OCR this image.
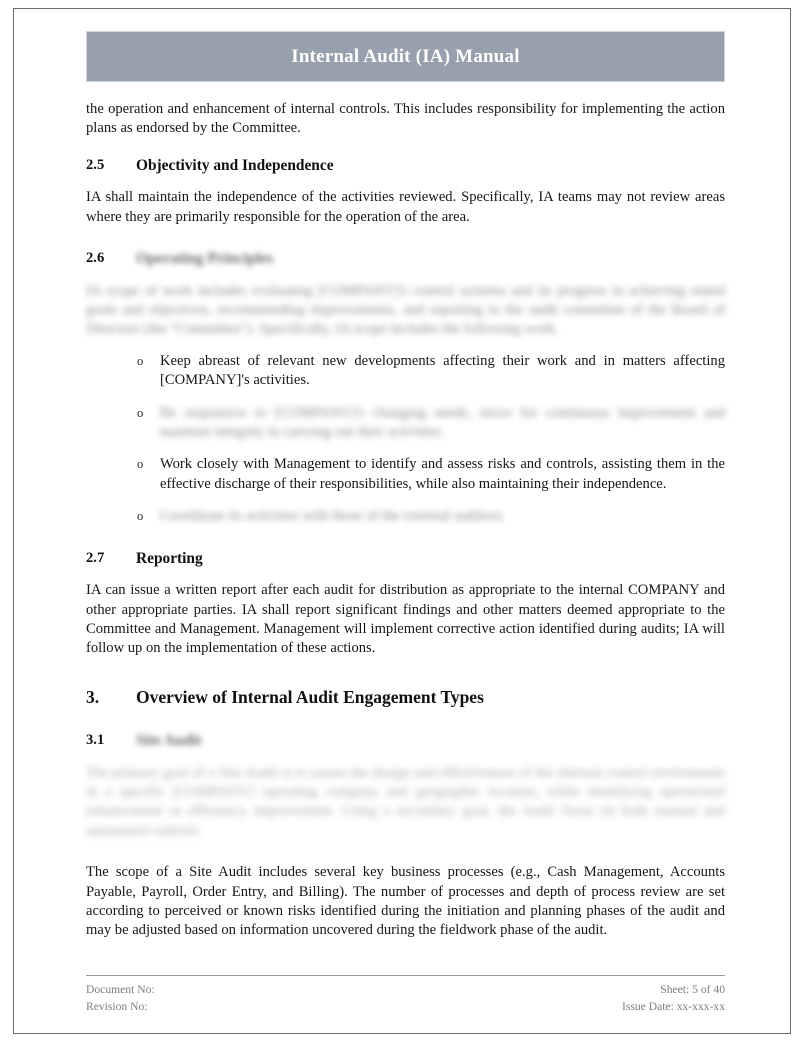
Internal Audit (IA) Manual

the operation and enhancement of internal controls. This includes responsibility for implementing the action plans as endorsed by the Committee.

2.5	Objectivity and Independence

IA shall maintain the independence of the activities reviewed. Specifically, IA teams may not review areas where they are primarily responsible for the operation of the area.

2.6	Operating Principles

IA scope of work includes evaluating [COMPANY]'s control systems and its progress in achieving stated goals and objectives, recommending improvements, and reporting to the audit committee of the Board of Directors (the "Committee"). Specifically, IA scope includes the following work.

o Keep abreast of relevant new developments affecting their work and in matters affecting [COMPANY]'s activities.
o Be responsive to [COMPANY]'s changing needs, strive for continuous improvement and maintain integrity in carrying out their activities.
o Work closely with Management to identify and assess risks and controls, assisting them in the effective discharge of their responsibilities, while also maintaining their independence.
o Coordinate its activities with those of the external auditors.
2.7	Reporting

IA can issue a written report after each audit for distribution as appropriate to the internal COMPANY and other appropriate parties. IA shall report significant findings and other matters deemed appropriate to the Committee and Management. Management will implement corrective action identified during audits; IA will follow up on the implementation of these actions.

3.	Overview of Internal Audit Engagement Types
3.1	Site Audit

The primary goal of a Site Audit is to assess the design and effectiveness of the internal control environment in a specific [COMPANY] operating company and geographic location, while identifying operational enhancement or efficiency improvement. Using a secondary goal, the Audit focus on both manual and automated controls.

The scope of a Site Audit includes several key business processes (e.g., Cash Management, Accounts Payable, Payroll, Order Entry, and Billing). The number of processes and depth of process review are set according to perceived or known risks identified during the initiation and planning phases of the audit and may be adjusted based on information uncovered during the fieldwork phase of the audit.

Document No:	Sheet: 5 of 40
Revision No:	Issue Date: xx-xxx-xx
